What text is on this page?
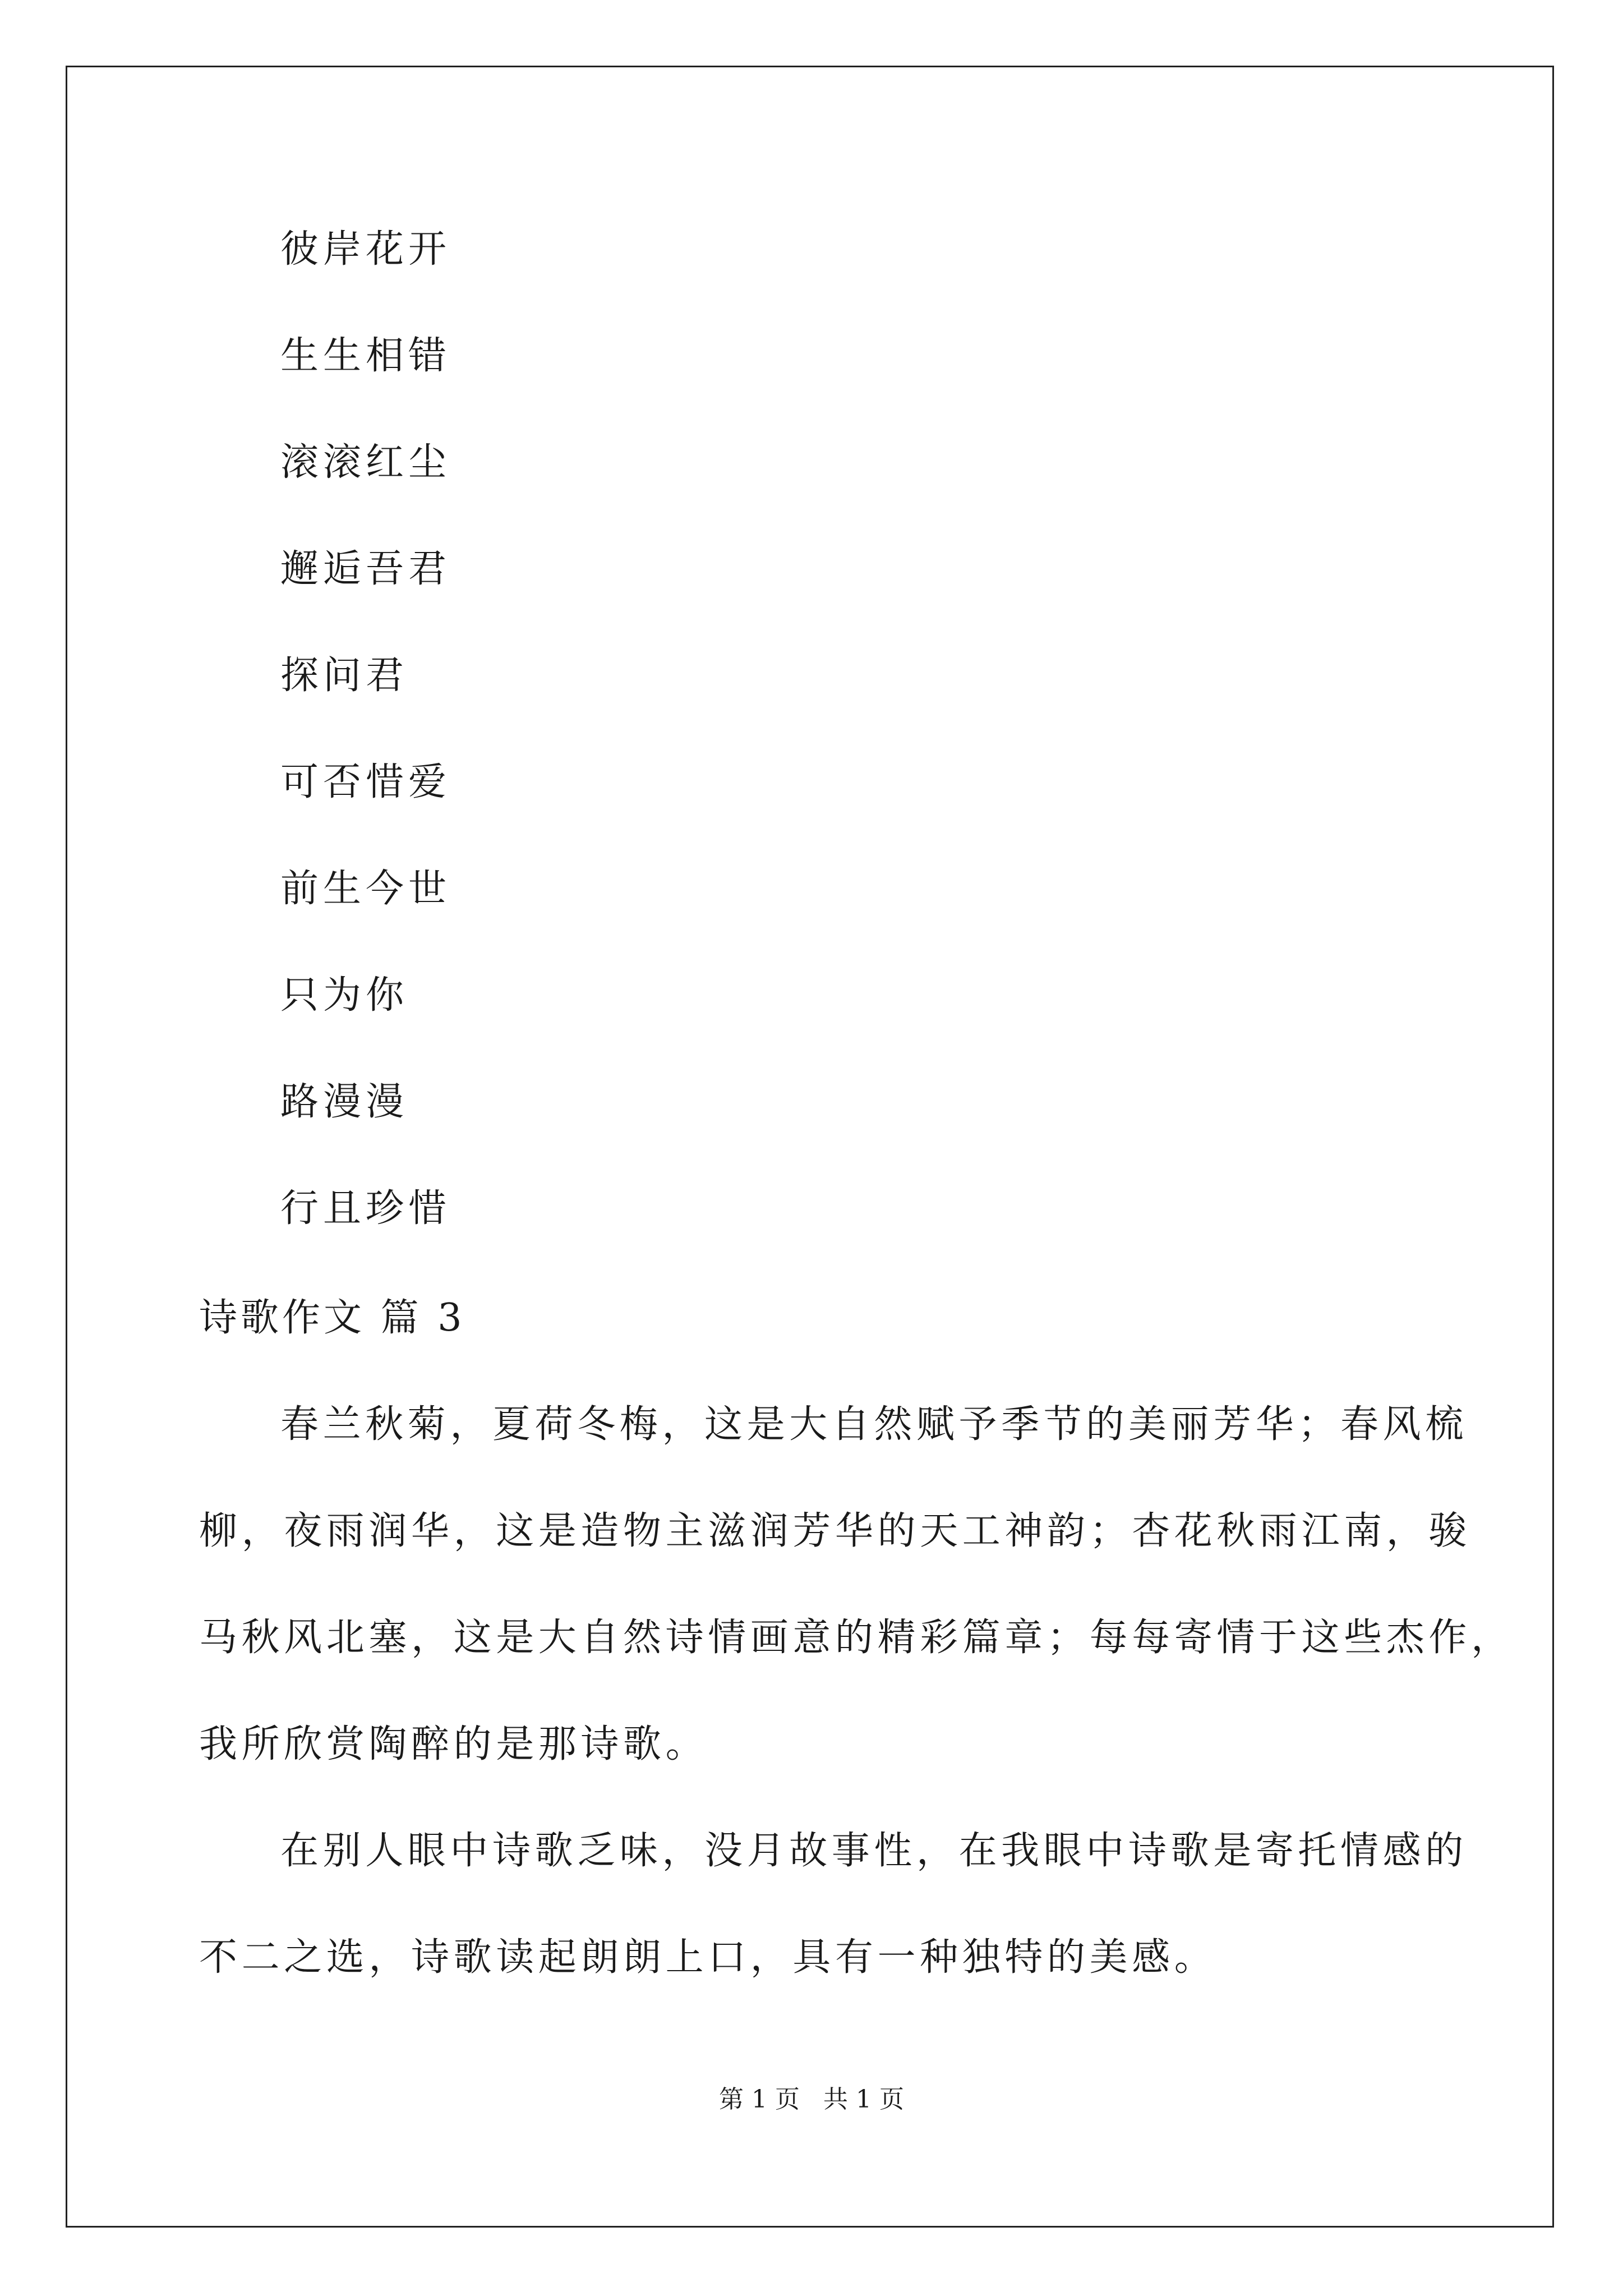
彼岸花开
生生相错
滚滚红尘
邂逅吾君
探问君
可否惜爱
前生今世
只为你
路漫漫
行且珍惜
诗歌作文 篇 3
春兰秋菊，夏荷冬梅，这是大自然赋予季节的美丽芳华；春风梳
柳，夜雨润华，这是造物主滋润芳华的天工神韵；杏花秋雨江南，骏
马秋风北塞，这是大自然诗情画意的精彩篇章；每每寄情于这些杰作，
我所欣赏陶醉的是那诗歌。
在别人眼中诗歌乏味，没月故事性，在我眼中诗歌是寄托情感的
不二之选，诗歌读起朗朗上口，具有一种独特的美感。
第 1 页   共 1 页
